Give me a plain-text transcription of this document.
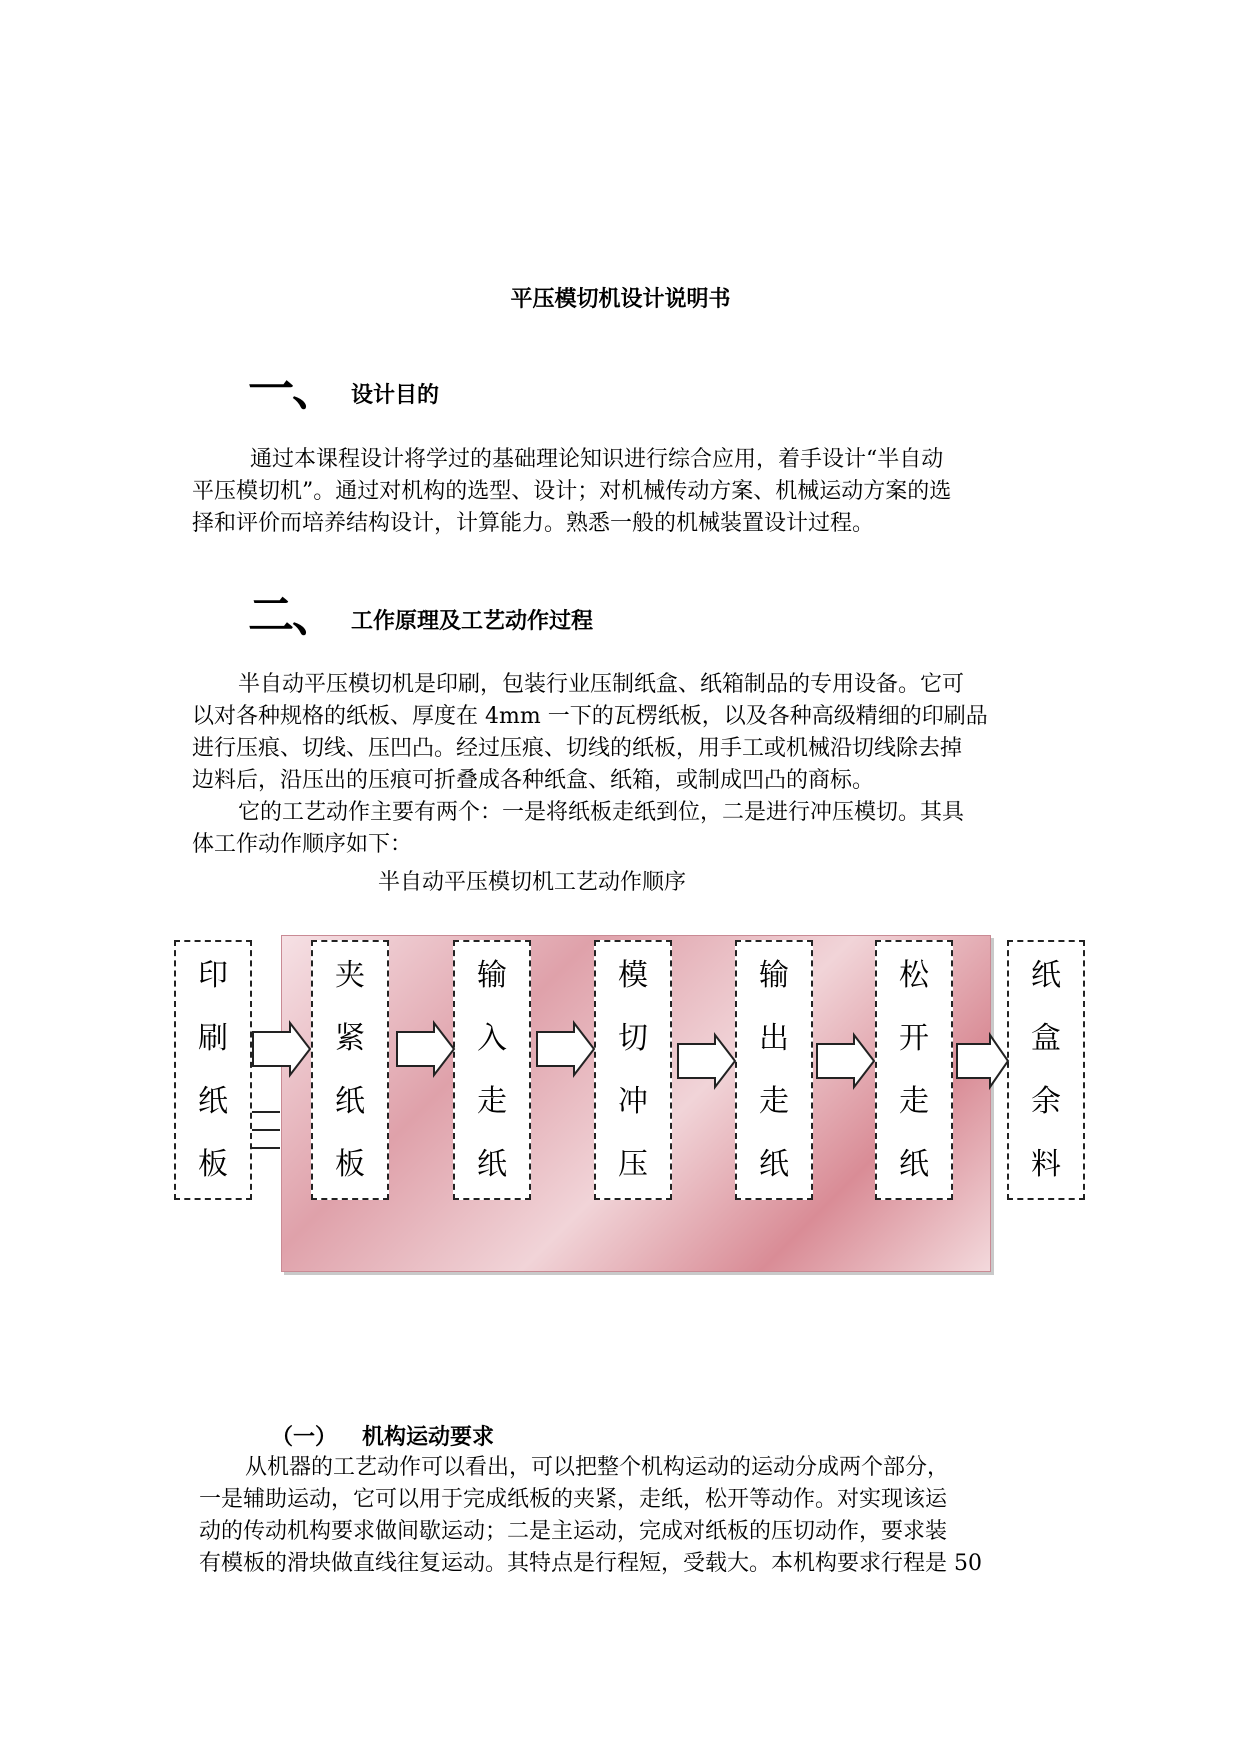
平压模切机设计说明书
一、 设计目的

通过本课程设计将学过的基础理论知识进行综合应用，着手设计“半自动

平压模切机”。通过对机构的选型、设计；对机械传动方案、机械运动方案的选

择和评价而培养结构设计，计算能力。熟悉一般的机械装置设计过程。

二、 工作原理及工艺动作过程

半自动平压模切机是印刷，包装行业压制纸盒、纸箱制品的专用设备。它可

以对各种规格的纸板、厚度在 4mm 一下的瓦楞纸板，以及各种高级精细的印刷品

进行压痕、切线、压凹凸。经过压痕、切线的纸板，用手工或机械沿切线除去掉

边料后，沿压出的压痕可折叠成各种纸盒、纸箱，或制成凹凸的商标。

它的工艺动作主要有两个：一是将纸板走纸到位，二是进行冲压模切。其具

体工作动作顺序如下：

半自动平压模切机工艺动作顺序
印
刷
纸
板
夹
紧
纸
板
输
入
走
纸
模
切
冲
压
输
出
走
纸
松
开
走
纸
纸
盒
余
料
（一） 机构运动要求

从机器的工艺动作可以看出，可以把整个机构运动的运动分成两个部分，

一是辅助运动，它可以用于完成纸板的夹紧，走纸，松开等动作。对实现该运

动的传动机构要求做间歇运动；二是主运动，完成对纸板的压切动作，要求装

有模板的滑块做直线往复运动。其特点是行程短，受载大。本机构要求行程是 50
